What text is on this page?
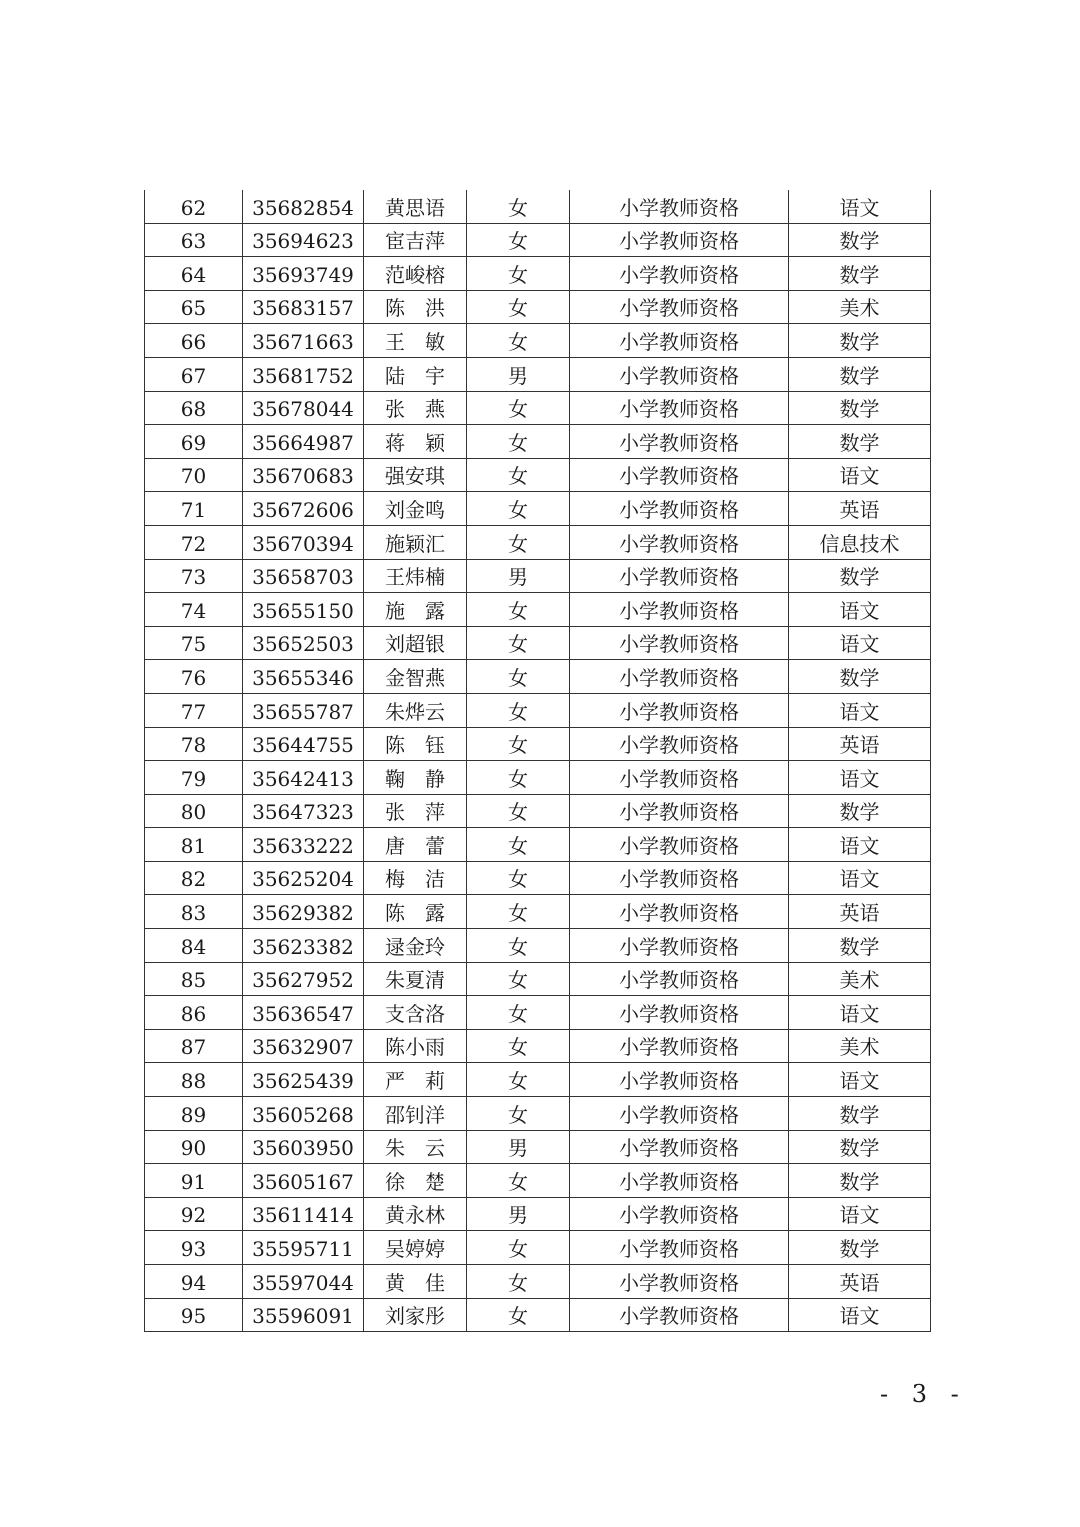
62	35682854	黄思语	女	小学教师资格	语文
63	35694623	宦吉萍	女	小学教师资格	数学
64	35693749	范峻榕	女	小学教师资格	数学
65	35683157	陈　洪	女	小学教师资格	美术
66	35671663	王　敏	女	小学教师资格	数学
67	35681752	陆　宇	男	小学教师资格	数学
68	35678044	张　燕	女	小学教师资格	数学
69	35664987	蒋　颖	女	小学教师资格	数学
70	35670683	强安琪	女	小学教师资格	语文
71	35672606	刘金鸣	女	小学教师资格	英语
72	35670394	施颖汇	女	小学教师资格	信息技术
73	35658703	王炜楠	男	小学教师资格	数学
74	35655150	施　露	女	小学教师资格	语文
75	35652503	刘超银	女	小学教师资格	语文
76	35655346	金智燕	女	小学教师资格	数学
77	35655787	朱烨云	女	小学教师资格	语文
78	35644755	陈　钰	女	小学教师资格	英语
79	35642413	鞠　静	女	小学教师资格	语文
80	35647323	张　萍	女	小学教师资格	数学
81	35633222	唐　蕾	女	小学教师资格	语文
82	35625204	梅　洁	女	小学教师资格	语文
83	35629382	陈　露	女	小学教师资格	英语
84	35623382	逯金玲	女	小学教师资格	数学
85	35627952	朱夏清	女	小学教师资格	美术
86	35636547	支含洛	女	小学教师资格	语文
87	35632907	陈小雨	女	小学教师资格	美术
88	35625439	严　莉	女	小学教师资格	语文
89	35605268	邵钊洋	女	小学教师资格	数学
90	35603950	朱　云	男	小学教师资格	数学
91	35605167	徐　楚	女	小学教师资格	数学
92	35611414	黄永林	男	小学教师资格	语文
93	35595711	吴婷婷	女	小学教师资格	数学
94	35597044	黄　佳	女	小学教师资格	英语
95	35596091	刘家彤	女	小学教师资格	语文
- 3 -
